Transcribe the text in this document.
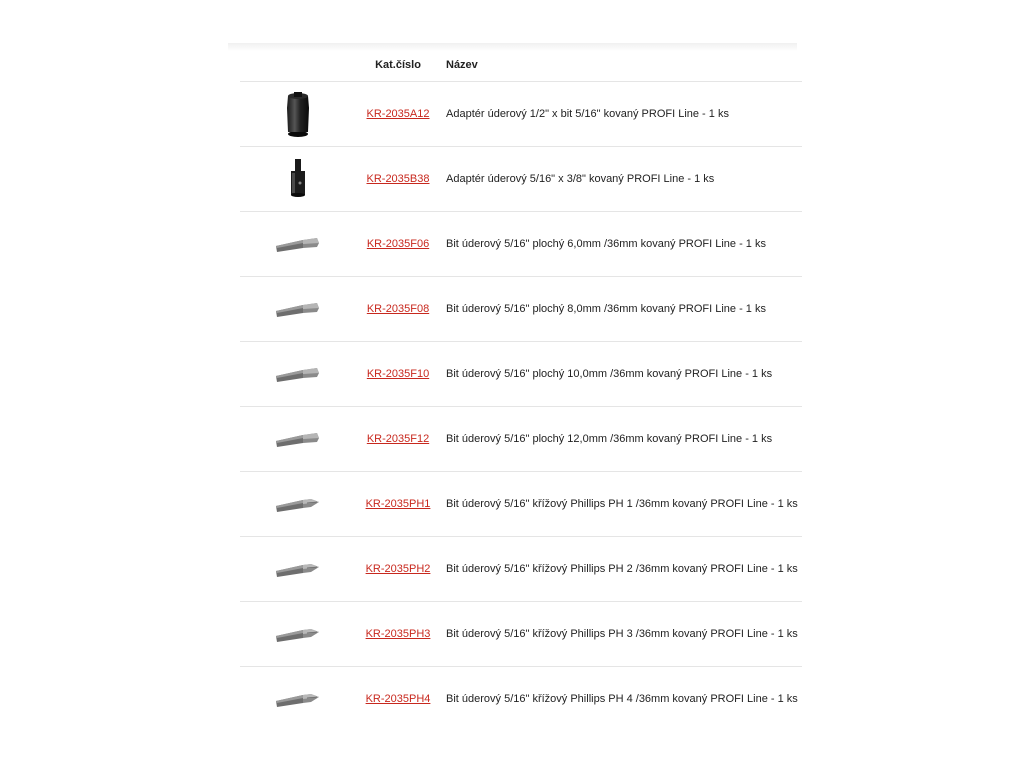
	Kat.číslo	Název

	KR-2035A12	Adaptér úderový 1/2" x bit 5/16" kovaný PROFI Line - 1 ks

	KR-2035B38	Adaptér úderový 5/16" x 3/8" kovaný PROFI Line - 1 ks

	KR-2035F06	Bit úderový 5/16" plochý 6,0mm /36mm kovaný PROFI Line - 1 ks

	KR-2035F08	Bit úderový 5/16" plochý 8,0mm /36mm kovaný PROFI Line - 1 ks

	KR-2035F10	Bit úderový 5/16" plochý 10,0mm /36mm kovaný PROFI Line - 1 ks

	KR-2035F12	Bit úderový 5/16" plochý 12,0mm /36mm kovaný PROFI Line - 1 ks

	KR-2035PH1	Bit úderový 5/16" křížový Phillips PH 1 /36mm kovaný PROFI Line - 1 ks

	KR-2035PH2	Bit úderový 5/16" křížový Phillips PH 2 /36mm kovaný PROFI Line - 1 ks

	KR-2035PH3	Bit úderový 5/16" křížový Phillips PH 3 /36mm kovaný PROFI Line - 1 ks

	KR-2035PH4	Bit úderový 5/16" křížový Phillips PH 4 /36mm kovaný PROFI Line - 1 ks
